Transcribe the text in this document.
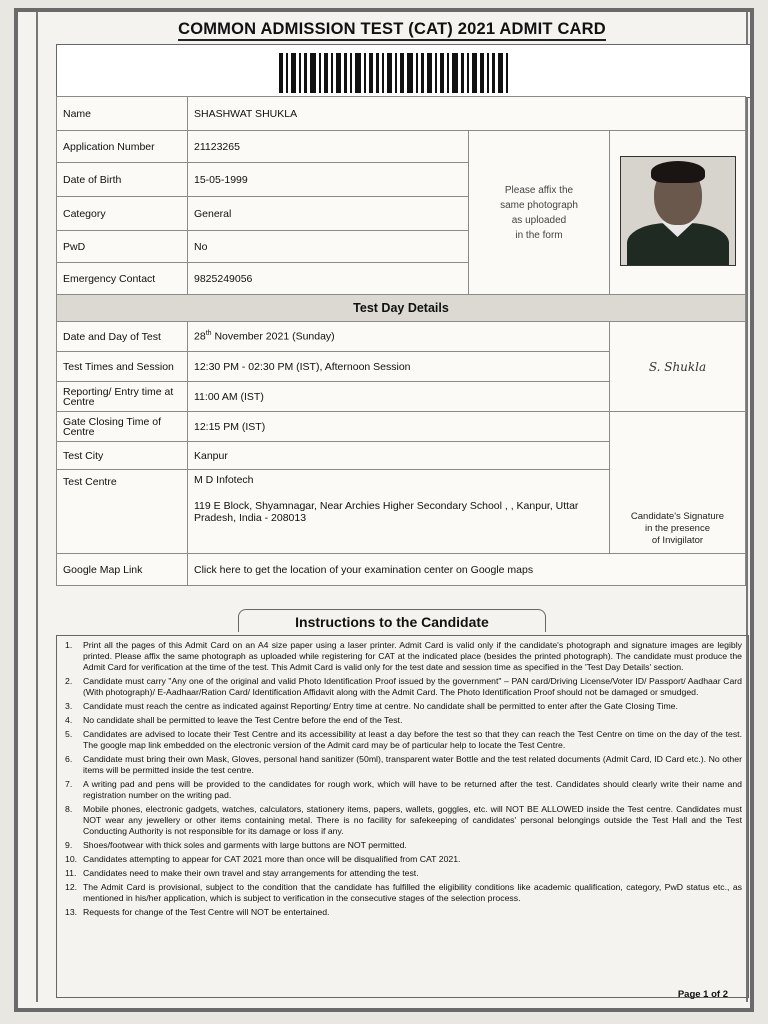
COMMON ADMISSION TEST (CAT) 2021 ADMIT CARD
Name	SHASHWAT SHUKLA		
Application Number	21123265	Please affix the
same photograph
as uploaded
in the form	

Date of Birth	15-05-1999		
Category	General		
PwD	No		
Emergency Contact	9825249056		
Test Day Details			
Date and Day of Test	28th November 2021 (Sunday)		S. Shukla

Test Times and Session	12:30 PM - 02:30 PM (IST), Afternoon Session		
Reporting/ Entry time at Centre	11:00 AM (IST)		
Gate Closing Time of Centre	12:15 PM (IST)		Candidate's Signature
in the presence
of Invigilator

Test City	Kanpur		
Test Centre	M D Infotech
119 E Block, Shyamnagar, Near Archies Higher Secondary School , , Kanpur, Uttar Pradesh, India - 208013		

Google Map Link	Click here to get the location of your examination center on Google maps		
Instructions to the Candidate
1. Print all the pages of this Admit Card on an A4 size paper using a laser printer. Admit Card is valid only if the candidate's photograph and signature images are legibly printed. Please affix the same photograph as uploaded while registering for CAT at the indicated place (besides the printed photograph). The candidate must produce the Admit Card for verification at the time of the test. This Admit Card is valid only for the test date and session time as specified in the 'Test Day Details' section.
2. Candidate must carry "Any one of the original and valid Photo Identification Proof issued by the government" – PAN card/Driving License/Voter ID/ Passport/ Aadhaar Card (With photograph)/ E-Aadhaar/Ration Card/ Identification Affidavit along with the Admit Card. The Photo Identification Proof should not be damaged or smudged.
3. Candidate must reach the centre as indicated against Reporting/ Entry time at centre. No candidate shall be permitted to enter after the Gate Closing Time.
4. No candidate shall be permitted to leave the Test Centre before the end of the Test.
5. Candidates are advised to locate their Test Centre and its accessibility at least a day before the test so that they can reach the Test Centre on time on the day of the test. The google map link embedded on the electronic version of the Admit card may be of particular help to locate the Test Centre.
6. Candidate must bring their own Mask, Gloves, personal hand sanitizer (50ml), transparent water Bottle and the test related documents (Admit Card, ID Card etc.). No other items will be permitted inside the test centre.
7. A writing pad and pens will be provided to the candidates for rough work, which will have to be returned after the test. Candidates should clearly write their name and registration number on the writing pad.
8. Mobile phones, electronic gadgets, watches, calculators, stationery items, papers, wallets, goggles, etc. will NOT BE ALLOWED inside the Test centre. Candidates must NOT wear any jewellery or other items containing metal. There is no facility for safekeeping of candidates' personal belongings outside the Test Hall and the Test Conducting Authority is not responsible for its damage or loss if any.
9. Shoes/footwear with thick soles and garments with large buttons are NOT permitted.
10. Candidates attempting to appear for CAT 2021 more than once will be disqualified from CAT 2021.
11. Candidates need to make their own travel and stay arrangements for attending the test.
12. The Admit Card is provisional, subject to the condition that the candidate has fulfilled the eligibility conditions like academic qualification, category, PwD status etc., as mentioned in his/her application, which is subject to verification in the consecutive stages of the selection process.
13. Requests for change of the Test Centre will NOT be entertained.
Page 1 of 2
